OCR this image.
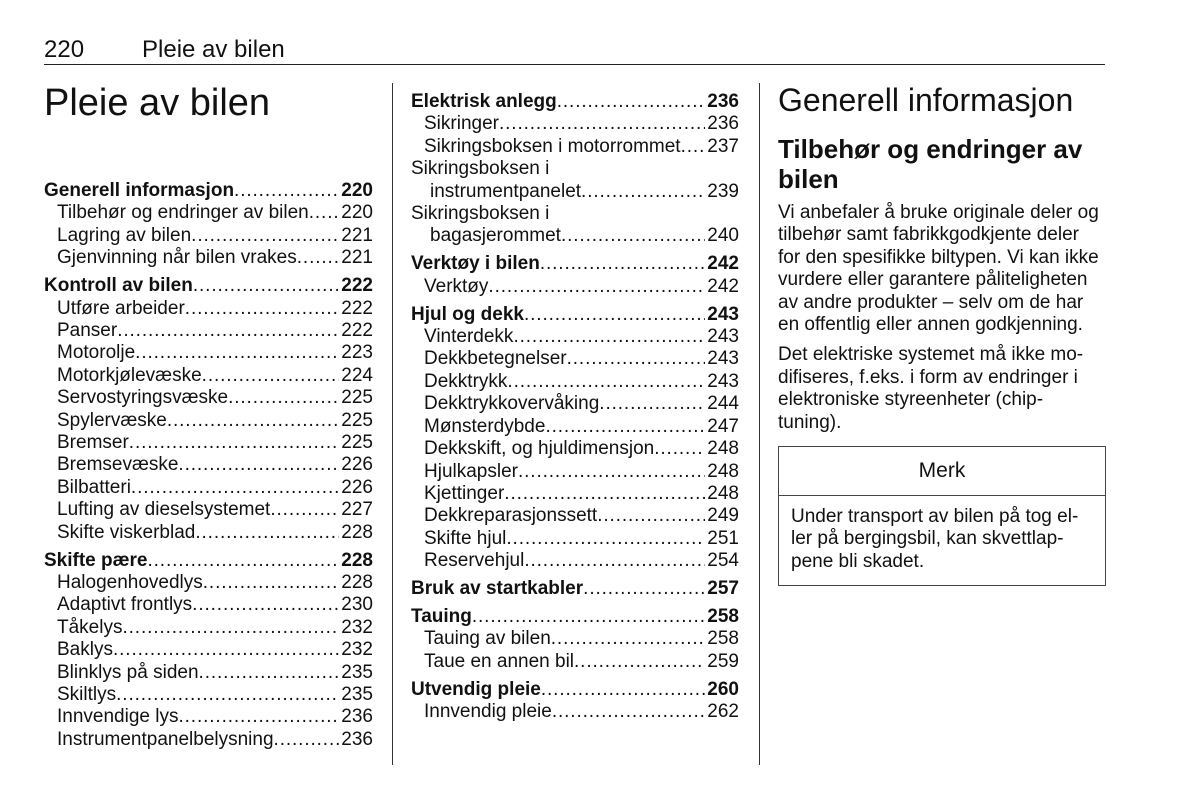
220 Pleie av bilen
Pleie av bilen
Generell informasjon . . .	220
Tilbehør og endringer av bilen . . . 220
Lagring av bilen . . .	221
Gjenvinning når bilen vrakes . . . 221
Kontroll av bilen . . .	222
Utføre arbeider . . .	222
Panser . . .	222
Motorolje . . .	223
Motorkjølevæske . . .	224
Servostyringsvæske . . .	225
Spylervæske . . .	225
Bremser . . .	225
Bremsevæske . . .	226
Bilbatteri . . .	226
Lufting av dieselsystemet . . .	227
Skifte viskerblad . . .	228
Skifte pære . . .	228
Halogenhovedlys . . .	228
Adaptivt frontlys . . .	230
Tåkelys . . .	232
Baklys . . .	232
Blinklys på siden . . .	235
Skiltlys . . .	235
Innvendige lys . . .	236
Instrumentpanelbelysning . . .	236
Elektrisk anlegg . . .	236
Sikringer . . .	236
Sikringsboksen i motorrommet . . . 237
Sikringsboksen i
instrumentpanelet . . .	239
Sikringsboksen i
bagasjerommet . . .	240
Verktøy i bilen . . .	242
Verktøy . . .	242
Hjul og dekk . . .	243
Vinterdekk . . .	243
Dekkbetegnelser . . .	243
Dekktrykk . . .	243
Dekktrykkovervåking . . .	244
Mønsterdybde . . .	247
Dekkskift, og hjuldimensjon . . .	248
Hjulkapsler . . .	248
Kjettinger . . .	248
Dekkreparasjonssett . . .	249
Skifte hjul . . .	251
Reservehjul . . .	254
Bruk av startkabler . . .	257
Tauing . . .	258
Tauing av bilen . . .	258
Taue en annen bil . . .	259
Utvendig pleie . . .	260
Innvendig pleie . . .	262
Generell informasjon
Tilbehør og endringer av
bilen

Vi anbefaler å bruke originale deler og
tilbehør samt fabrikkgodkjente deler
for den spesifikke biltypen. Vi kan ikke
vurdere eller garantere påliteligheten
av andre produkter – selv om de har
en offentlig eller annen godkjenning.

Det elektriske systemet må ikke mo-
difiseres, f.eks. i form av endringer i
elektroniske styreenheter (chip-
tuning).

Merk
Under transport av bilen på tog el-
ler på bergingsbil, kan skvettlap-
pene bli skadet.
